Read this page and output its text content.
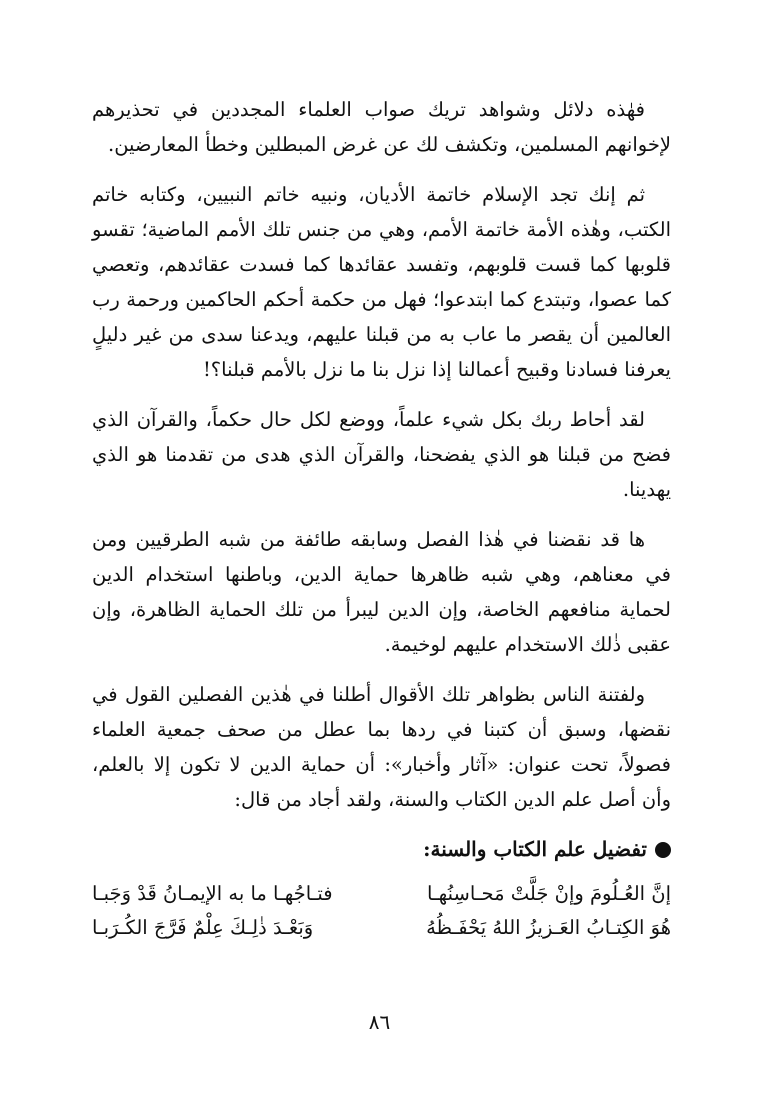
فهٰذه دلائل وشواهد تريك صواب العلماء المجددين في تحذيرهم لإخوانهم المسلمين، وتكشف لك عن غرض المبطلين وخطأ المعارضين.

ثم إنك تجد الإسلام خاتمة الأديان، ونبيه خاتم النبيين، وكتابه خاتم الكتب، وهٰذه الأمة خاتمة الأمم، وهي من جنس تلك الأمم الماضية؛ تقسو قلوبها كما قست قلوبهم، وتفسد عقائدها كما فسدت عقائدهم، وتعصي كما عصوا، وتبتدع كما ابتدعوا؛ فهل من حكمة أحكم الحاكمين ورحمة رب العالمين أن يقصر ما عاب به من قبلنا عليهم، ويدعنا سدى من غير دليلٍ يعرفنا فسادنا وقبيح أعمالنا إذا نزل بنا ما نزل بالأمم قبلنا؟!

لقد أحاط ربك بكل شيء علماً، ووضع لكل حال حكماً، والقرآن الذي فضح من قبلنا هو الذي يفضحنا، والقرآن الذي هدى من تقدمنا هو الذي يهدينا.

ها قد نقضنا في هٰذا الفصل وسابقه طائفة من شبه الطرقيين ومن في معناهم، وهي شبه ظاهرها حماية الدين، وباطنها استخدام الدين لحماية منافعهم الخاصة، وإن الدين ليبرأ من تلك الحماية الظاهرة، وإن عقبى ذٰلك الاستخدام عليهم لوخيمة.

ولفتنة الناس بظواهر تلك الأقوال أطلنا في هٰذين الفصلين القول في نقضها، وسبق أن كتبنا في ردها بما عطل من صحف جمعية العلماء فصولاً، تحت عنوان: «آثار وأخبار»: أن حماية الدين لا تكون إلا بالعلم، وأن أصل علم الدين الكتاب والسنة، ولقد أجاد من قال:

تفضيل علم الكتاب والسنة:
إنَّ العُـلُومَ وإنْ جَلَّتْ مَحـاسِنُهـا
فتـاجُهـا ما به الإيمـانُ قَدْ وَجَبـا
هُوَ الكِتـابُ العَـزيزُ اللهُ يَحْفَـظُهُ
وَبَعْـدَ ذٰلِـكَ عِلْمٌ فَرَّجَ الكُـرَبـا
٨٦
